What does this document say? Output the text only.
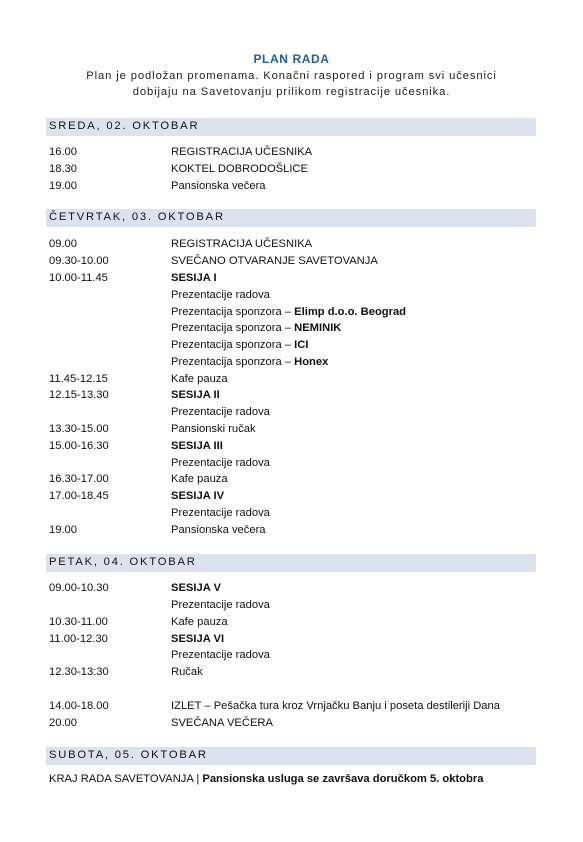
PLAN RADA
Plan je podložan promenama. Konačni raspored i program svi učesnici
dobijaju na Savetovanju prilikom registracije učesnika.
SREDA, 02. OKTOBAR
16.00	REGISTRACIJA UČESNIKA
18.30	KOKTEL DOBRODOŠLICE
19.00	Pansionska večera
ČETVRTAK, 03. OKTOBAR
09.00	REGISTRACIJA UČESNIKA
09.30-10.00	SVEČANO OTVARANJE SAVETOVANJA
10.00-11.45	SESIJA I
Prezentacije radova
Prezentacija sponzora – Elimp d.o.o. Beograd
Prezentacija sponzora – NEMINIK
Prezentacija sponzora – ICI
Prezentacija sponzora – Honex
11.45-12.15	Kafe pauza
12.15-13.30	SESIJA II
Prezentacije radova
13.30-15.00	Pansionski ručak
15.00-16.30	SESIJA III
Prezentacije radova
16.30-17.00	Kafe pauza
17.00-18.45	SESIJA IV
Prezentacije radova
19.00	Pansionska večera
PETAK, 04. OKTOBAR
09.00-10.30	SESIJA V
Prezentacije radova
10.30-11.00	Kafe pauza
11.00-12.30	SESIJA VI
Prezentacije radova
12.30-13:30	Ručak
14.00-18.00	IZLET – Pešačka tura kroz Vrnjačku Banju i poseta destileriji Dana
20.00	SVEČANA VEČERA
SUBOTA, 05. OKTOBAR
KRAJ RADA SAVETOVANJA | Pansionska usluga se završava doručkom 5. oktobra
